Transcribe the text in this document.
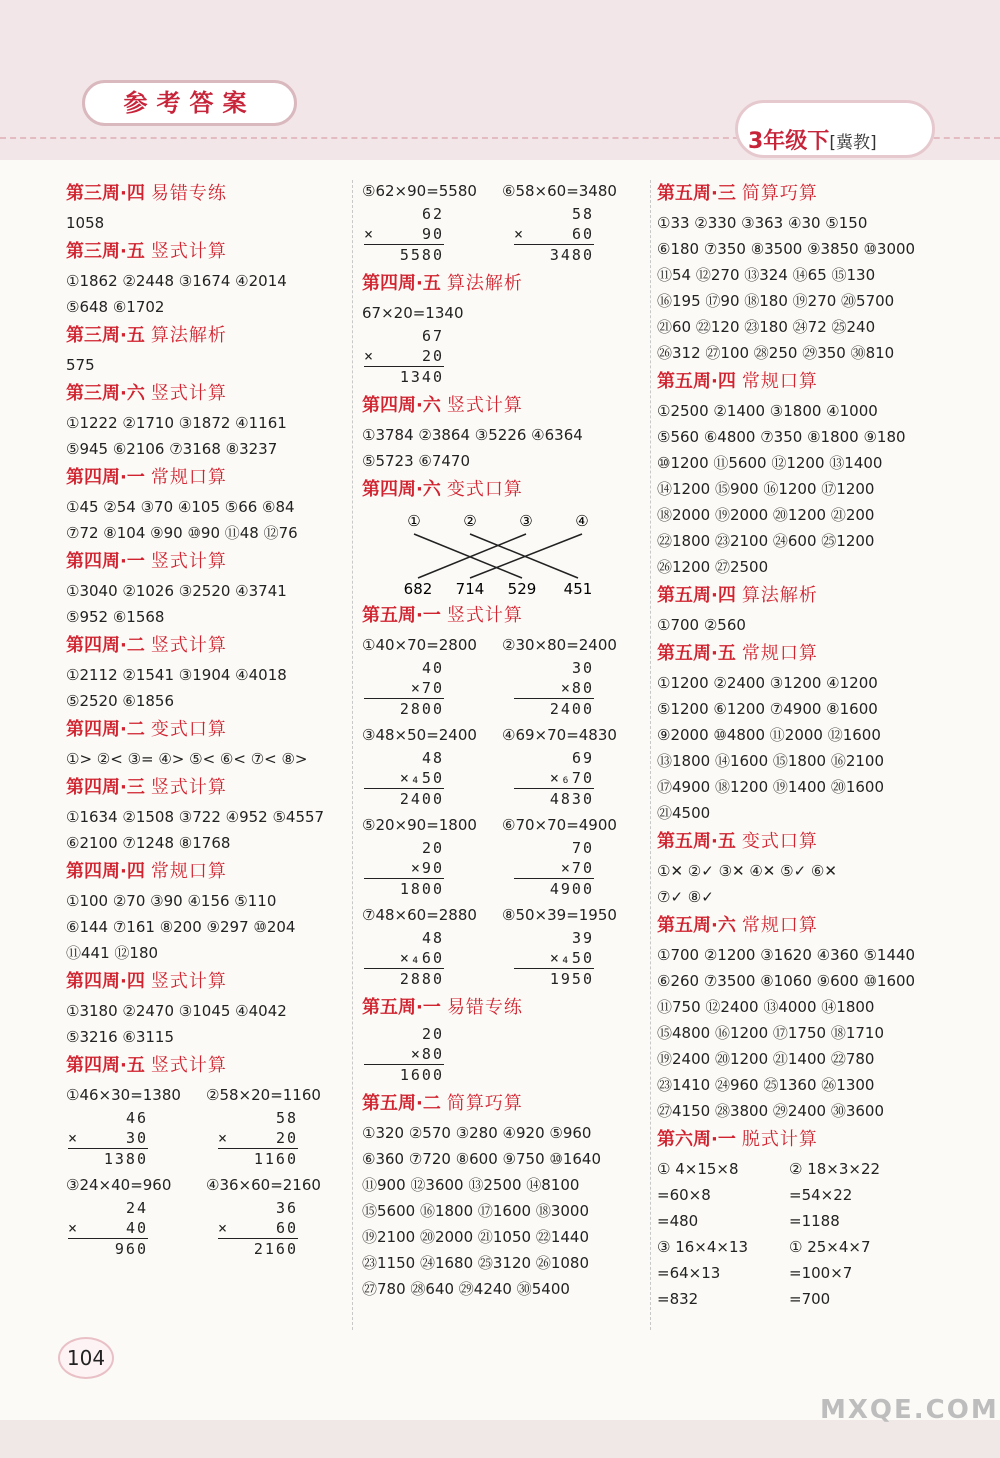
参考答案
3年级下[冀教]
第三周·四 易错专练
1058
第三周·五 竖式计算
①1862 ②2448 ③1674 ④2014
⑤648 ⑥1702
第三周·五 算法解析
575
第三周·六 竖式计算
①1222 ②1710 ③1872 ④1161
⑤945 ⑥2106 ⑦3168 ⑧3237
第四周·一 常规口算
①45 ②54 ③70 ④105 ⑤66 ⑥84
⑦72 ⑧104 ⑨90 ⑩90 ⑪48 ⑫76
第四周·一 竖式计算
①3040 ②1026 ③2520 ④3741
⑤952 ⑥1568
第四周·二 竖式计算
①2112 ②1541 ③1904 ④4018
⑤2520 ⑥1856
第四周·二 变式口算
①> ②< ③= ④> ⑤< ⑥< ⑦< ⑧>
第四周·三 竖式计算
①1634 ②1508 ③722 ④952 ⑤4557
⑥2100 ⑦1248 ⑧1768
第四周·四 常规口算
①100 ②70 ③90 ④156 ⑤110
⑥144 ⑦161 ⑧200 ⑨297 ⑩204
⑪441 ⑫180
第四周·四 竖式计算
①3180 ②2470 ③1045 ④4042
⑤3216 ⑥3115
第四周·五 竖式计算
①46×30=1380 ②58×20=1160
46
× 30
1380
58
× 20
1160
③24×40=960 ④36×60=2160
24
× 40
960
36
× 60
2160
⑤62×90=5580 ⑥58×60=3480
62
× 90
5580
58
× 60
3480
第四周·五 算法解析
67×20=1340
67
× 20
1340
第四周·六 竖式计算
①3784 ②3864 ③5226 ④6364
⑤5723 ⑥7470
第四周·六 变式口算
①	②	③	④
682 714 529 451
第五周·一 竖式计算
①40×70=2800 ②30×80=2400
40
×70
2800
30
×80
2400
③48×50=2400 ④69×70=4830
48
×₄50
2400
69
×₆70
4830
⑤20×90=1800 ⑥70×70=4900
20
×90
1800
70
×70
4900
⑦48×60=2880 ⑧50×39=1950
48
×₄60
2880
39
×₄50
1950
第五周·一 易错专练
20
×80
1600
第五周·二 简算巧算
①320 ②570 ③280 ④920 ⑤960
⑥360 ⑦720 ⑧600 ⑨750 ⑩1640
⑪900 ⑫3600 ⑬2500 ⑭8100
⑮5600 ⑯1800 ⑰1600 ⑱3000
⑲2100 ⑳2000 ㉑1050 ㉒1440
㉓1150 ㉔1680 ㉕3120 ㉖1080
㉗780 ㉘640 ㉙4240 ㉚5400
第五周·三 简算巧算
①33 ②330 ③363 ④30 ⑤150
⑥180 ⑦350 ⑧3500 ⑨3850 ⑩3000
⑪54 ⑫270 ⑬324 ⑭65 ⑮130
⑯195 ⑰90 ⑱180 ⑲270 ⑳5700
㉑60 ㉒120 ㉓180 ㉔72 ㉕240
㉖312 ㉗100 ㉘250 ㉙350 ㉚810
第五周·四 常规口算
①2500 ②1400 ③1800 ④1000
⑤560 ⑥4800 ⑦350 ⑧1800 ⑨180
⑩1200 ⑪5600 ⑫1200 ⑬1400
⑭1200 ⑮900 ⑯1200 ⑰1200
⑱2000 ⑲2000 ⑳1200 ㉑200
㉒1800 ㉓2100 ㉔600 ㉕1200
㉖1200 ㉗2500
第五周·四 算法解析
①700 ②560
第五周·五 常规口算
①1200 ②2400 ③1200 ④1200
⑤1200 ⑥1200 ⑦4900 ⑧1600
⑨2000 ⑩4800 ⑪2000 ⑫1600
⑬1800 ⑭1600 ⑮1800 ⑯2100
⑰4900 ⑱1200 ⑲1400 ⑳1600
㉑4500
第五周·五 变式口算
①✕ ②✓ ③✕ ④✕ ⑤✓ ⑥✕
⑦✓ ⑧✓
第五周·六 常规口算
①700 ②1200 ③1620 ④360 ⑤1440
⑥260 ⑦3500 ⑧1060 ⑨600 ⑩1600
⑪750 ⑫2400 ⑬4000 ⑭1800
⑮4800 ⑯1200 ⑰1750 ⑱1710
⑲2400 ⑳1200 ㉑1400 ㉒780
㉓1410 ㉔960 ㉕1360 ㉖1300
㉗4150 ㉘3800 ㉙2400 ㉚3600
第六周·一 脱式计算
① 4×15×8	② 18×3×22
=60×8	=54×22
=480	=1188
③ 16×4×13	① 25×4×7
=64×13	=100×7
=832	=700
104
MXQE.COM
